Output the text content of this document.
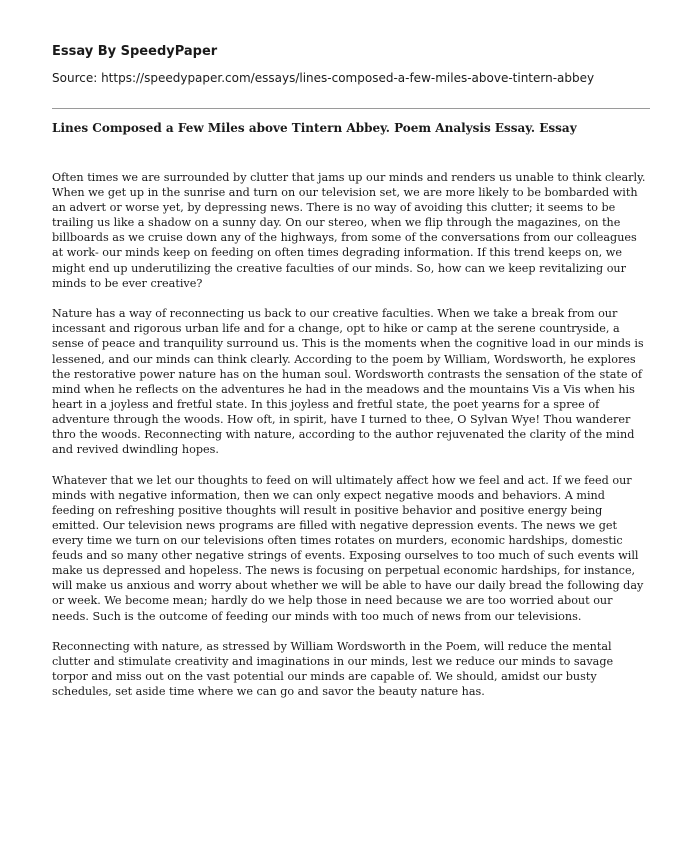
Essay By SpeedyPaper
Source: https://speedypaper.com/essays/lines-composed-a-few-miles-above-tintern-abbey
Lines Composed a Few Miles above Tintern Abbey. Poem Analysis Essay. Essay

Often times we are surrounded by clutter that jams up our minds and renders us unable to think clearly. When we get up in the sunrise and turn on our television set, we are more likely to be bombarded with an advert or worse yet, by depressing news. There is no way of avoiding this clutter; it seems to be trailing us like a shadow on a sunny day. On our stereo, when we flip through the magazines, on the billboards as we cruise down any of the highways, from some of the conversations from our colleagues at work- our minds keep on feeding on often times degrading information. If this trend keeps on, we might end up underutilizing the creative faculties of our minds. So, how can we keep revitalizing our minds to be ever creative?

Nature has a way of reconnecting us back to our creative faculties. When we take a break from our incessant and rigorous urban life and for a change, opt to hike or camp at the serene countryside, a sense of peace and tranquility surround us. This is the moments when the cognitive load in our minds is lessened, and our minds can think clearly. According to the poem by William, Wordsworth, he explores the restorative power nature has on the human soul. Wordsworth contrasts the sensation of the state of mind when he reflects on the adventures he had in the meadows and the mountains Vis a Vis when his heart in a joyless and fretful state. In this joyless and fretful state, the poet yearns for a spree of adventure through the woods. How oft, in spirit, have I turned to thee, O Sylvan Wye! Thou wanderer thro the woods. Reconnecting with nature, according to the author rejuvenated the clarity of the mind and revived dwindling hopes.

Whatever that we let our thoughts to feed on will ultimately affect how we feel and act. If we feed our minds with negative information, then we can only expect negative moods and behaviors. A mind feeding on refreshing positive thoughts will result in positive behavior and positive energy being emitted. Our television news programs are filled with negative depression events. The news we get every time we turn on our televisions often times rotates on murders, economic hardships, domestic feuds and so many other negative strings of events. Exposing ourselves to too much of such events will make us depressed and hopeless. The news is focusing on perpetual economic hardships, for instance, will make us anxious and worry about whether we will be able to have our daily bread the following day or week. We become mean; hardly do we help those in need because we are too worried about our needs. Such is the outcome of feeding our minds with too much of news from our televisions.

Reconnecting with nature, as stressed by William Wordsworth in the Poem, will reduce the mental clutter and stimulate creativity and imaginations in our minds, lest we reduce our minds to savage torpor and miss out on the vast potential our minds are capable of. We should, amidst our busty schedules, set aside time where we can go and savor the beauty nature has.
